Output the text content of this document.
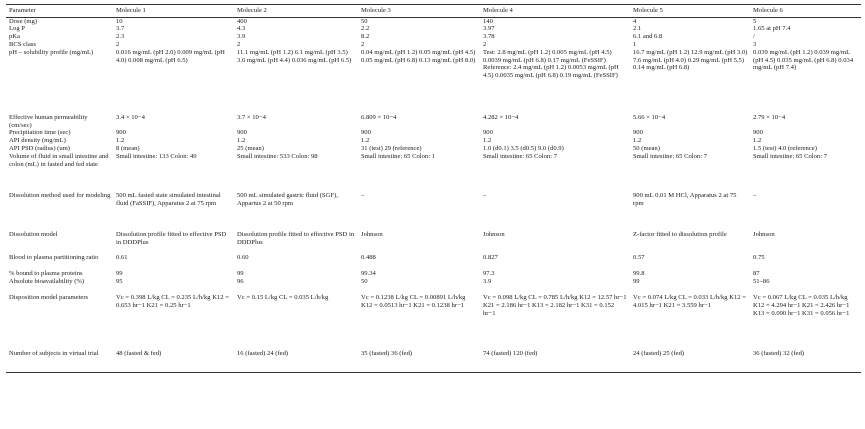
Parameter	Molecule 1	Molecule 2	Molecule 3	Molecule 4	Molecule 5	Molecule 6
Dose (mg)	10	400	50	140	4	5
Log P	3.7	4.3	2.2	3.97	2.1	1.65 at pH 7.4
pKa	2.3	3.9	8.2	3.78	6.1 and 6.8	/
BCS class	2	2	2	2	1	3
pH – solubility profile (mg/mL)	0.016 mg/mL (pH 2.0) 0.009 mg/mL (pH 4.0) 0.008 mg/mL (pH 6.5)	11.1 mg/mL (pH 1.2) 6.1 mg/mL (pH 3.5) 3.6 mg/mL (pH 4.4) 0.036 mg/mL (pH 6.5)	0.04 mg/mL (pH 1.2) 0.05 mg/mL (pH 4.5) 0.05 mg/mL (pH 6.8) 0.13 mg/mL (pH 8.0)	Test: 2.8 mg/mL (pH 1.2) 0.005 mg/mL (pH 4.5) 0.0039 mg/mL (pH 6.8) 0.17 mg/mL (FeSSIF) Reference: 2.4 mg/mL (pH 1.2) 0.0053 mg/mL (pH 4.5) 0.0035 mg/mL (pH 6.8) 0.19 mg/mL (FeSSIF)	16.7 mg/mL (pH 1.2) 12.9 mg/mL (pH 3.0) 7.6 mg/mL (pH 4.0) 0.29 mg/mL (pH 5.5) 0.14 mg/mL (pH 6.8)	0.039 mg/mL (pH 1.2) 0.039 mg/mL (pH 4.5) 0.035 mg/mL (pH 6.8) 0.034 mg/mL (pH 7.4)
Effective human permeability (cm/sec)	3.4 × 10−4	3.7 × 10−4	6.809 × 10−4	4.282 × 10−4	5.66 × 10−4	2.79 × 10−4
Precipitation time (sec)	900	900	900	900	900	900
API density (mg/mL)	1.2	1.2	1.2	1.2	1.2	1.2
API PSD (radius) (um)	8 (mean)	25 (mean)	31 (test) 29 (reference)	1.0 (d0.1) 3.5 (d0.5) 9.0 (d0.9)	50 (mean)	1.5 (test) 4.0 (reference)
Volume of fluid in small intestine and colon (mL) in fasted and fed state	Small intestine: 133 Colon: 49	Small intestine: 533 Colon: 98	Small intestine: 65 Colon: 1	Small intestine: 65 Colon: 7	Small intestine: 65 Colon: 7	Small intestine: 65 Colon: 7
Dissolution method used for modeling	500 mL fasted state simulated intestinal fluid (FaSSIF), Apparatus 2 at 75 rpm	500 mL simulated gastric fluid (SGF), Appartus 2 at 50 rpm	–	–	900 mL 0.01 M HCl, Apparatus 2 at 75 rpm	–
Dissolution model	Dissolution profile fitted to effective PSD in DDDPlus	Dissolution profile fitted to effective PSD in DDDPlus	Johnson	Johnson	Z-factor fitted to dissolution profile	Johnson
Blood to plasma partitioning ratio	0.61	0.60	0.488	0.827	0.57	0.75
% bound to plasma proteins	99	99	99.34	97.3	99.8	87
Absolute bioavailability (%)	95	96	50	3.9	99	51–86
Disposition model parameters	Vc = 0.398 L/kg CL = 0.235 L/h/kg K12 = 0.653 hr−1 K21 = 0.25 hr−1	Vc = 0.15 L/kg CL = 0.035 L/h/kg	Vc = 0.1238 L/kg CL = 0.00891 L/h/kg K12 = 0.0513 hr−1 K21 = 0.1238 hr−1	Vc = 0.098 L/kg CL = 0.785 L/h/kg K12 = 12.57 hr−1 K21 = 2.186 hr−1 K13 = 2.182 hr−1 K31 = 0.152 hr−1	Vc = 0.074 L/kg CL = 0.033 L/h/kg K12 = 4.015 hr−1 K21 = 3.559 hr−1	Vc = 0.067 L/kg CL = 0.035 L/h/kg K12 = 4.294 hr−1 K21 = 2.426 hr−1 K13 = 0.090 hr−1 K31 = 0.056 hr−1
Number of subjects in virtual trial	48 (fasted & fed)	16 (fasted) 24 (fed)	35 (fasted) 36 (fed)	74 (fasted) 120 (fed)	24 (fasted) 25 (fed)	36 (fasted) 32 (fed)
